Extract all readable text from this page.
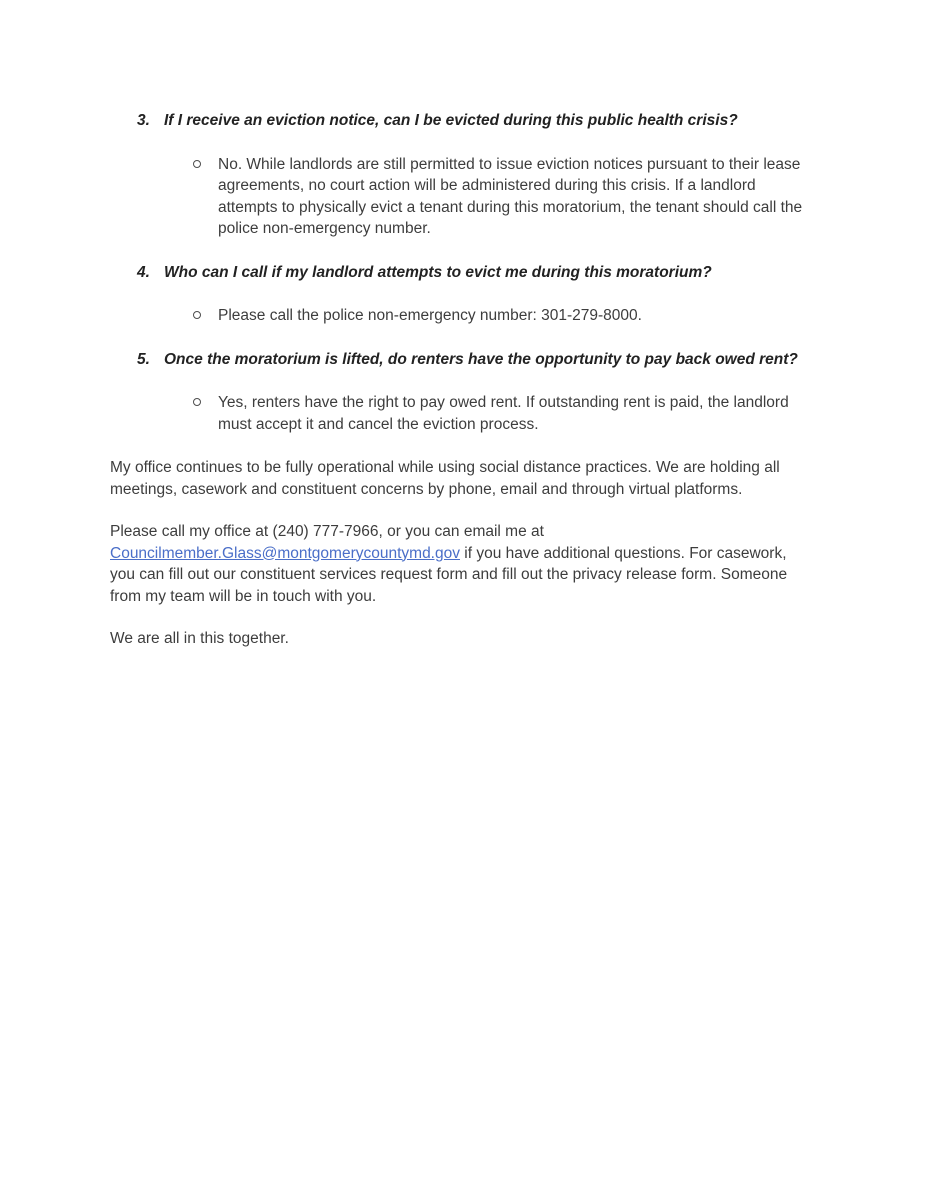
3. If I receive an eviction notice, can I be evicted during this public health crisis?
No. While landlords are still permitted to issue eviction notices pursuant to their lease agreements, no court action will be administered during this crisis. If a landlord attempts to physically evict a tenant during this moratorium, the tenant should call the police non-emergency number.
4. Who can I call if my landlord attempts to evict me during this moratorium?
Please call the police non-emergency number: 301-279-8000.
5. Once the moratorium is lifted, do renters have the opportunity to pay back owed rent?
Yes, renters have the right to pay owed rent. If outstanding rent is paid, the landlord must accept it and cancel the eviction process.

My office continues to be fully operational while using social distance practices. We are holding all meetings, casework and constituent concerns by phone, email and through virtual platforms.

Please call my office at (240) 777-7966, or you can email me at Councilmember.Glass@montgomerycountymd.gov if you have additional questions. For casework, you can fill out our constituent services request form and fill out the privacy release form. Someone from my team will be in touch with you.

We are all in this together.
